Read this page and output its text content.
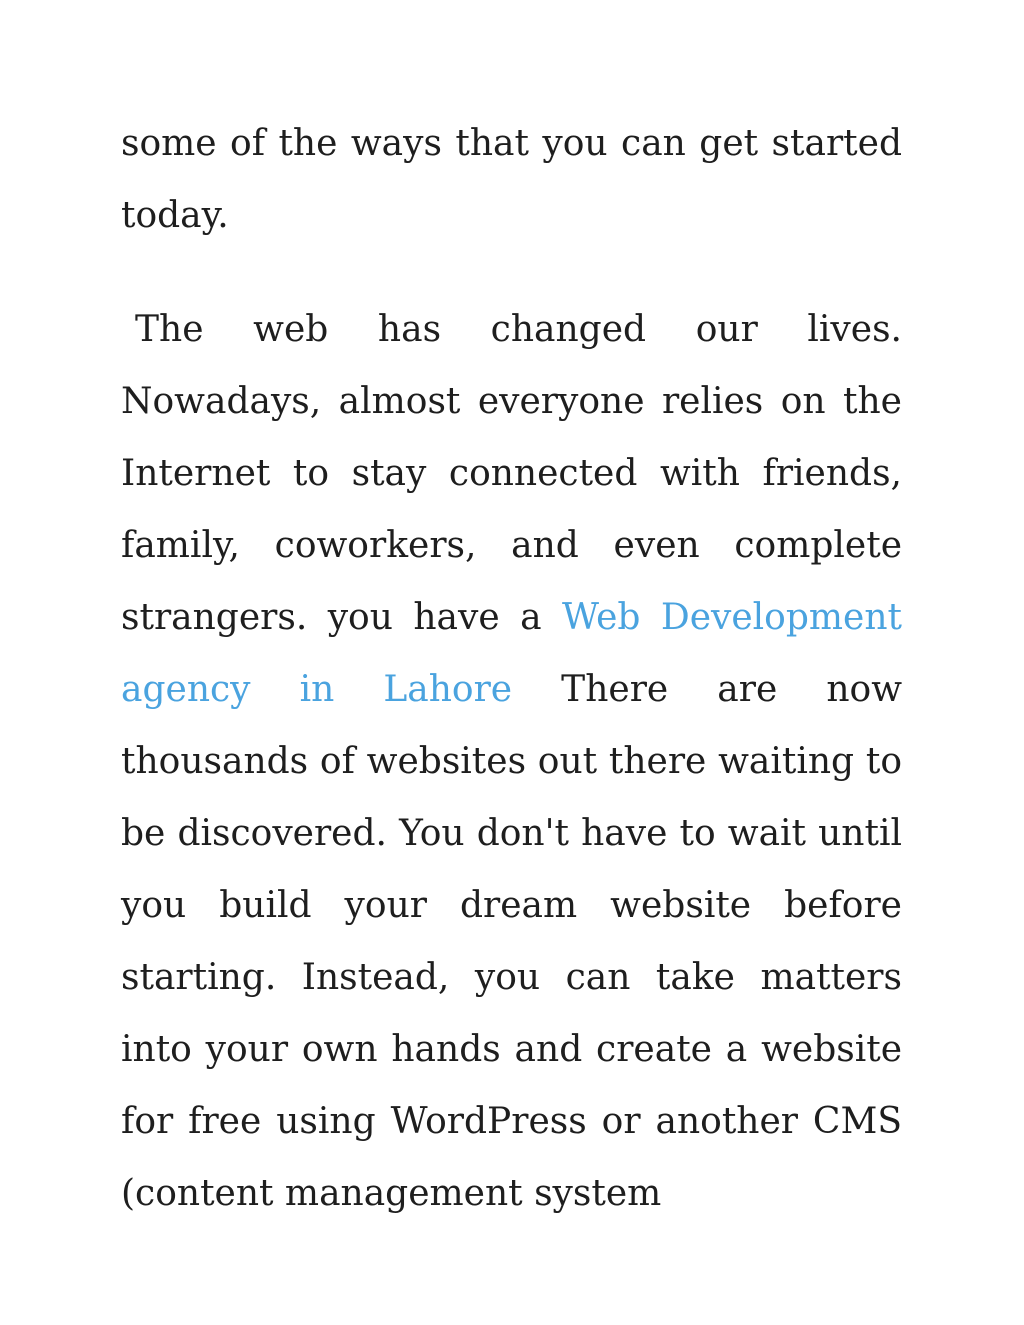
some of the ways that you can get started today.

The web has changed our lives. Nowadays, almost everyone relies on the Internet to stay connected with friends, family, coworkers, and even complete strangers. you have a Web Development agency in Lahore There are now thousands of websites out there waiting to be discovered. You don't have to wait until you build your dream website before starting. Instead, you can take matters into your own hands and create a website for free using WordPress or another CMS (content management system
